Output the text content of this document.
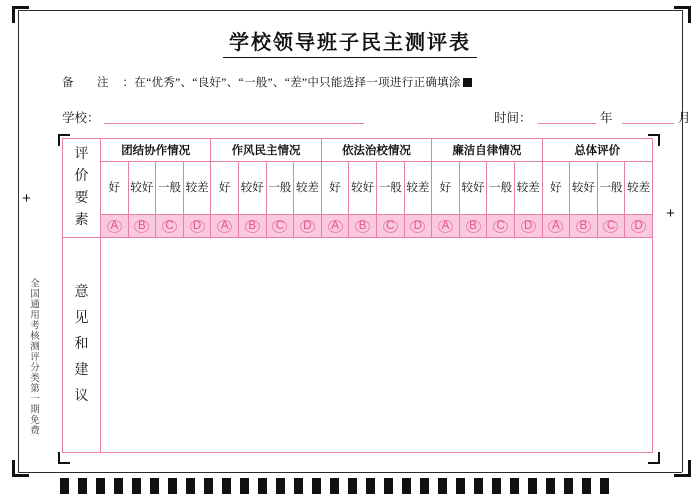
+
+
学校领导班子民主测评表
备　注 ：在“优秀”、“良好”、“一般”、“差”中只能选择一项进行正确填涂
学校：	时间：	年	月
评
价
要
素	团结协作情况				作风民主情况				依法治校情况				廉洁自律情况				总体评价			
	好	较好	一般	较差	好	较好	一般	较差	好	较好	一般	较差	好	较好	一般	较差	好	较好	一般	较差
	A	B	C	D	A	B	C	D	A	B	C	D	A	B	C	D	A	B	C	D

意
见
和
建
议																				

全国通用考核测评分类第一期免费
